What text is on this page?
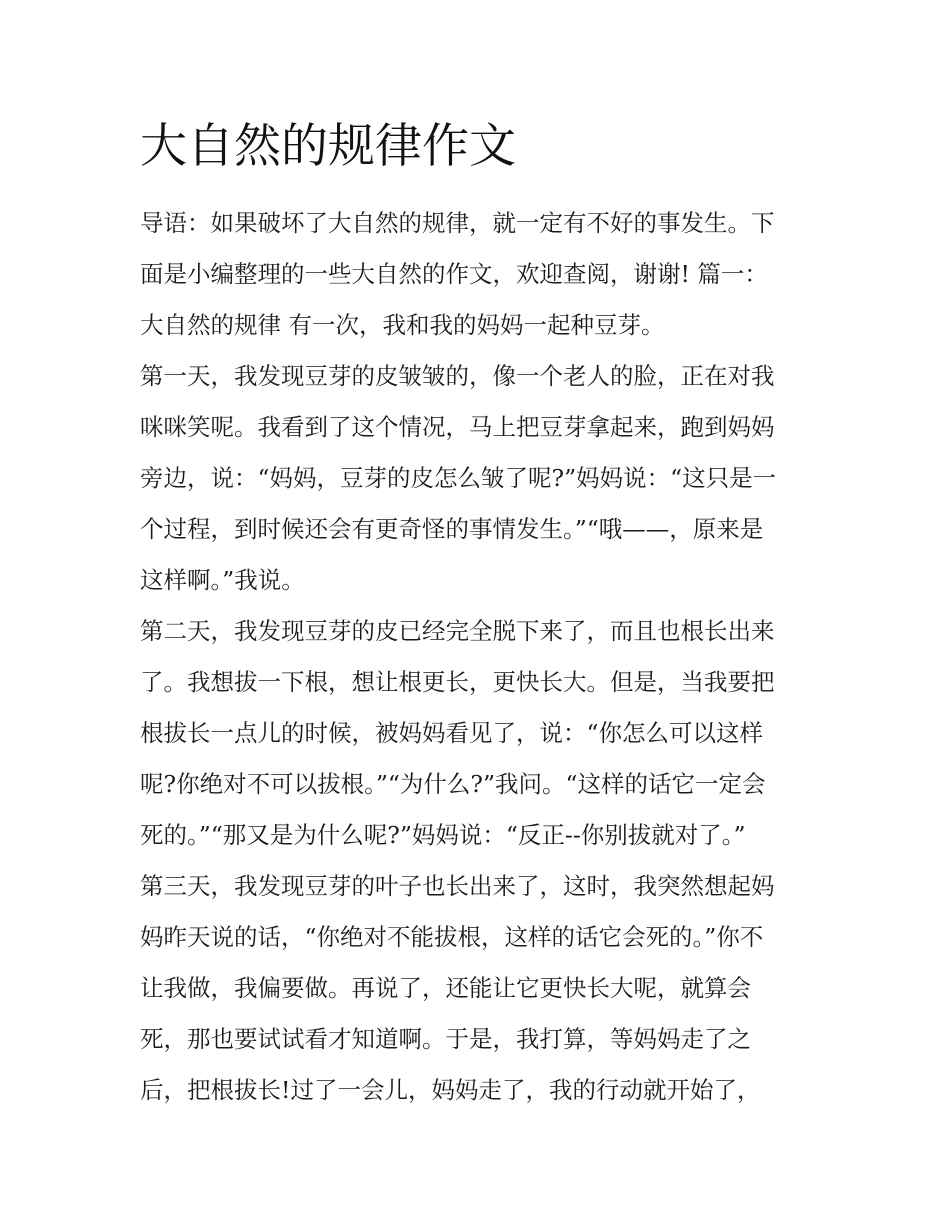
大自然的规律作文
导语：如果破坏了大自然的规律，就一定有不好的事发生。下
面是小编整理的一些大自然的作文，欢迎查阅，谢谢! 篇一：
大自然的规律 有一次，我和我的妈妈一起种豆芽。
第一天，我发现豆芽的皮皱皱的，像一个老人的脸，正在对我
咪咪笑呢。我看到了这个情况，马上把豆芽拿起来，跑到妈妈
旁边，说：“妈妈，豆芽的皮怎么皱了呢?”妈妈说：“这只是一
个过程，到时候还会有更奇怪的事情发生。”“哦——，原来是
这样啊。”我说。
第二天，我发现豆芽的皮已经完全脱下来了，而且也根长出来
了。我想拔一下根，想让根更长，更快长大。但是，当我要把
根拔长一点儿的时候，被妈妈看见了，说：“你怎么可以这样
呢?你绝对不可以拔根。”“为什么?”我问。“这样的话它一定会
死的。”“那又是为什么呢?”妈妈说：“反正--你别拔就对了。”
第三天，我发现豆芽的叶子也长出来了，这时，我突然想起妈
妈昨天说的话，“你绝对不能拔根，这样的话它会死的。”你不
让我做，我偏要做。再说了，还能让它更快长大呢，就算会
死，那也要试试看才知道啊。于是，我打算，等妈妈走了之
后，把根拔长!过了一会儿，妈妈走了，我的行动就开始了，
